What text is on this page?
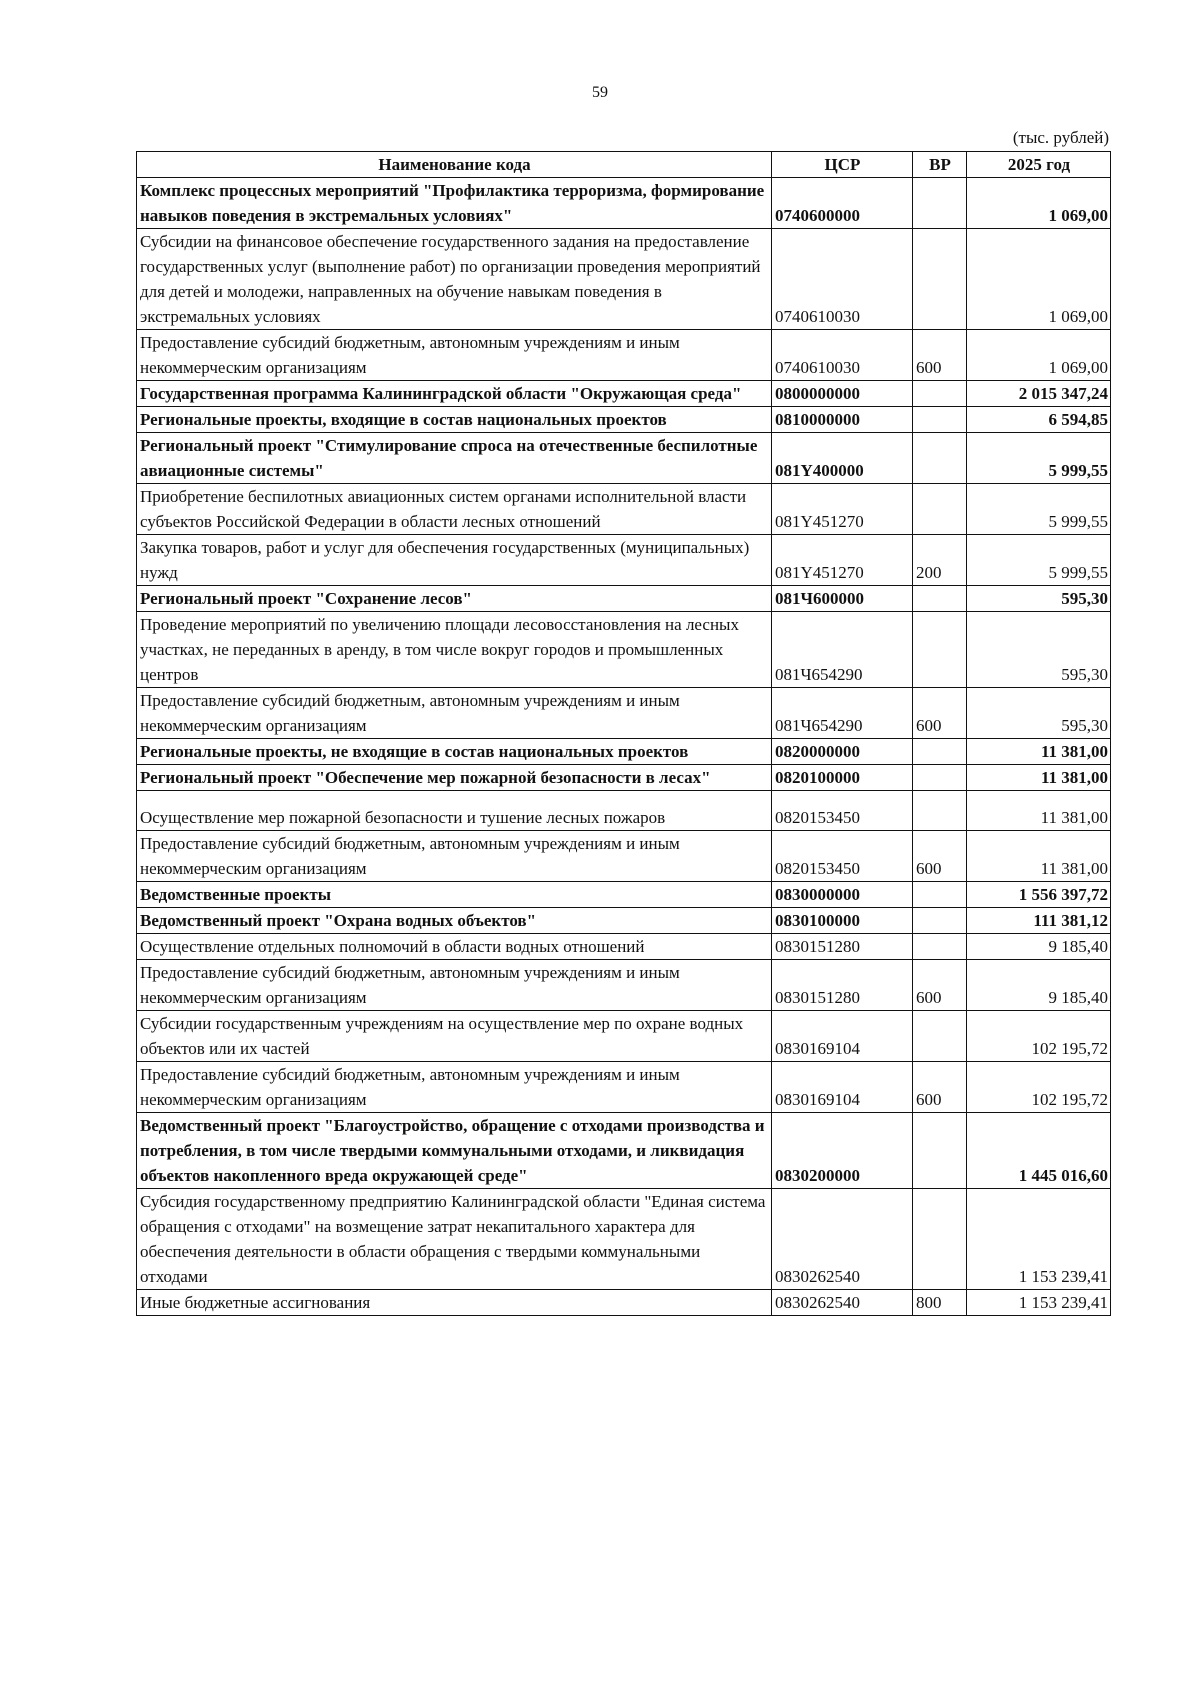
59
(тыс. рублей)
Наименование кода	ЦСР	ВР	2025 год
Комплекс процессных мероприятий "Профилактика терроризма, формирование навыков поведения в экстремальных условиях"	0740600000		1 069,00
Субсидии на финансовое обеспечение государственного задания на предоставление государственных услуг (выполнение работ) по организации проведения мероприятий для детей и молодежи, направленных на обучение навыкам поведения в экстремальных условиях	0740610030		1 069,00
Предоставление субсидий бюджетным, автономным учреждениям и иным некоммерческим организациям	0740610030	600	1 069,00
Государственная программа Калининградской области "Окружающая среда"	0800000000		2 015 347,24
Региональные проекты, входящие в состав национальных проектов	0810000000		6 594,85
Региональный проект "Стимулирование спроса на отечественные беспилотные авиационные системы"	081Y400000		5 999,55
Приобретение беспилотных авиационных систем органами исполнительной власти субъектов Российской Федерации в области лесных отношений	081Y451270		5 999,55
Закупка товаров, работ и услуг для обеспечения государственных (муниципальных) нужд	081Y451270	200	5 999,55
Региональный проект "Сохранение лесов"	081Ч600000		595,30
Проведение мероприятий по увеличению площади лесовосстановления на лесных участках, не переданных в аренду, в том числе вокруг городов и промышленных центров	081Ч654290		595,30
Предоставление субсидий бюджетным, автономным учреждениям и иным некоммерческим организациям	081Ч654290	600	595,30
Региональные проекты, не входящие в состав национальных проектов	0820000000		11 381,00
Региональный проект "Обеспечение мер пожарной безопасности в лесах"	0820100000		11 381,00
Осуществление мер пожарной безопасности и тушение лесных пожаров	0820153450		11 381,00
Предоставление субсидий бюджетным, автономным учреждениям и иным некоммерческим организациям	0820153450	600	11 381,00
Ведомственные проекты	0830000000		1 556 397,72
Ведомственный проект "Охрана водных объектов"	0830100000		111 381,12
Осуществление отдельных полномочий в области водных отношений	0830151280		9 185,40
Предоставление субсидий бюджетным, автономным учреждениям и иным некоммерческим организациям	0830151280	600	9 185,40
Субсидии государственным учреждениям на осуществление мер по охране водных объектов или их частей	0830169104		102 195,72
Предоставление субсидий бюджетным, автономным учреждениям и иным некоммерческим организациям	0830169104	600	102 195,72
Ведомственный проект "Благоустройство, обращение с отходами производства и потребления, в том числе твердыми коммунальными отходами, и ликвидация объектов накопленного вреда окружающей среде"	0830200000		1 445 016,60
Субсидия государственному предприятию Калининградской области "Единая система обращения с отходами" на возмещение затрат некапитального характера для обеспечения деятельности в области обращения с твердыми коммунальными отходами	0830262540		1 153 239,41
Иные бюджетные ассигнования	0830262540	800	1 153 239,41
